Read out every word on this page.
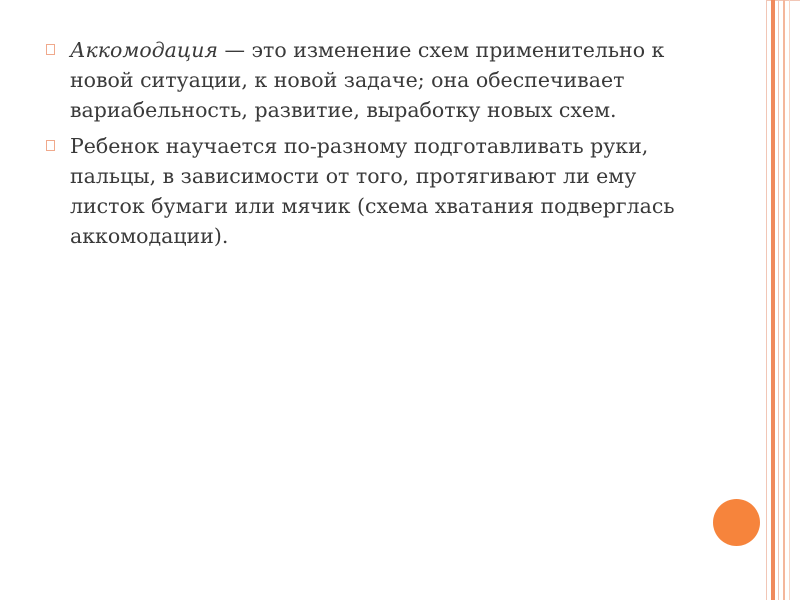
Аккомодация — это изменение схем применительно к новой ситуации, к новой задаче; она обеспечивает вариабельность, развитие, выработку новых схем.

Ребенок научается по-разному подготавливать руки, пальцы, в зависимости от того, протягивают ли ему листок бумаги или мячик (схема хватания подверглась аккомодации).
